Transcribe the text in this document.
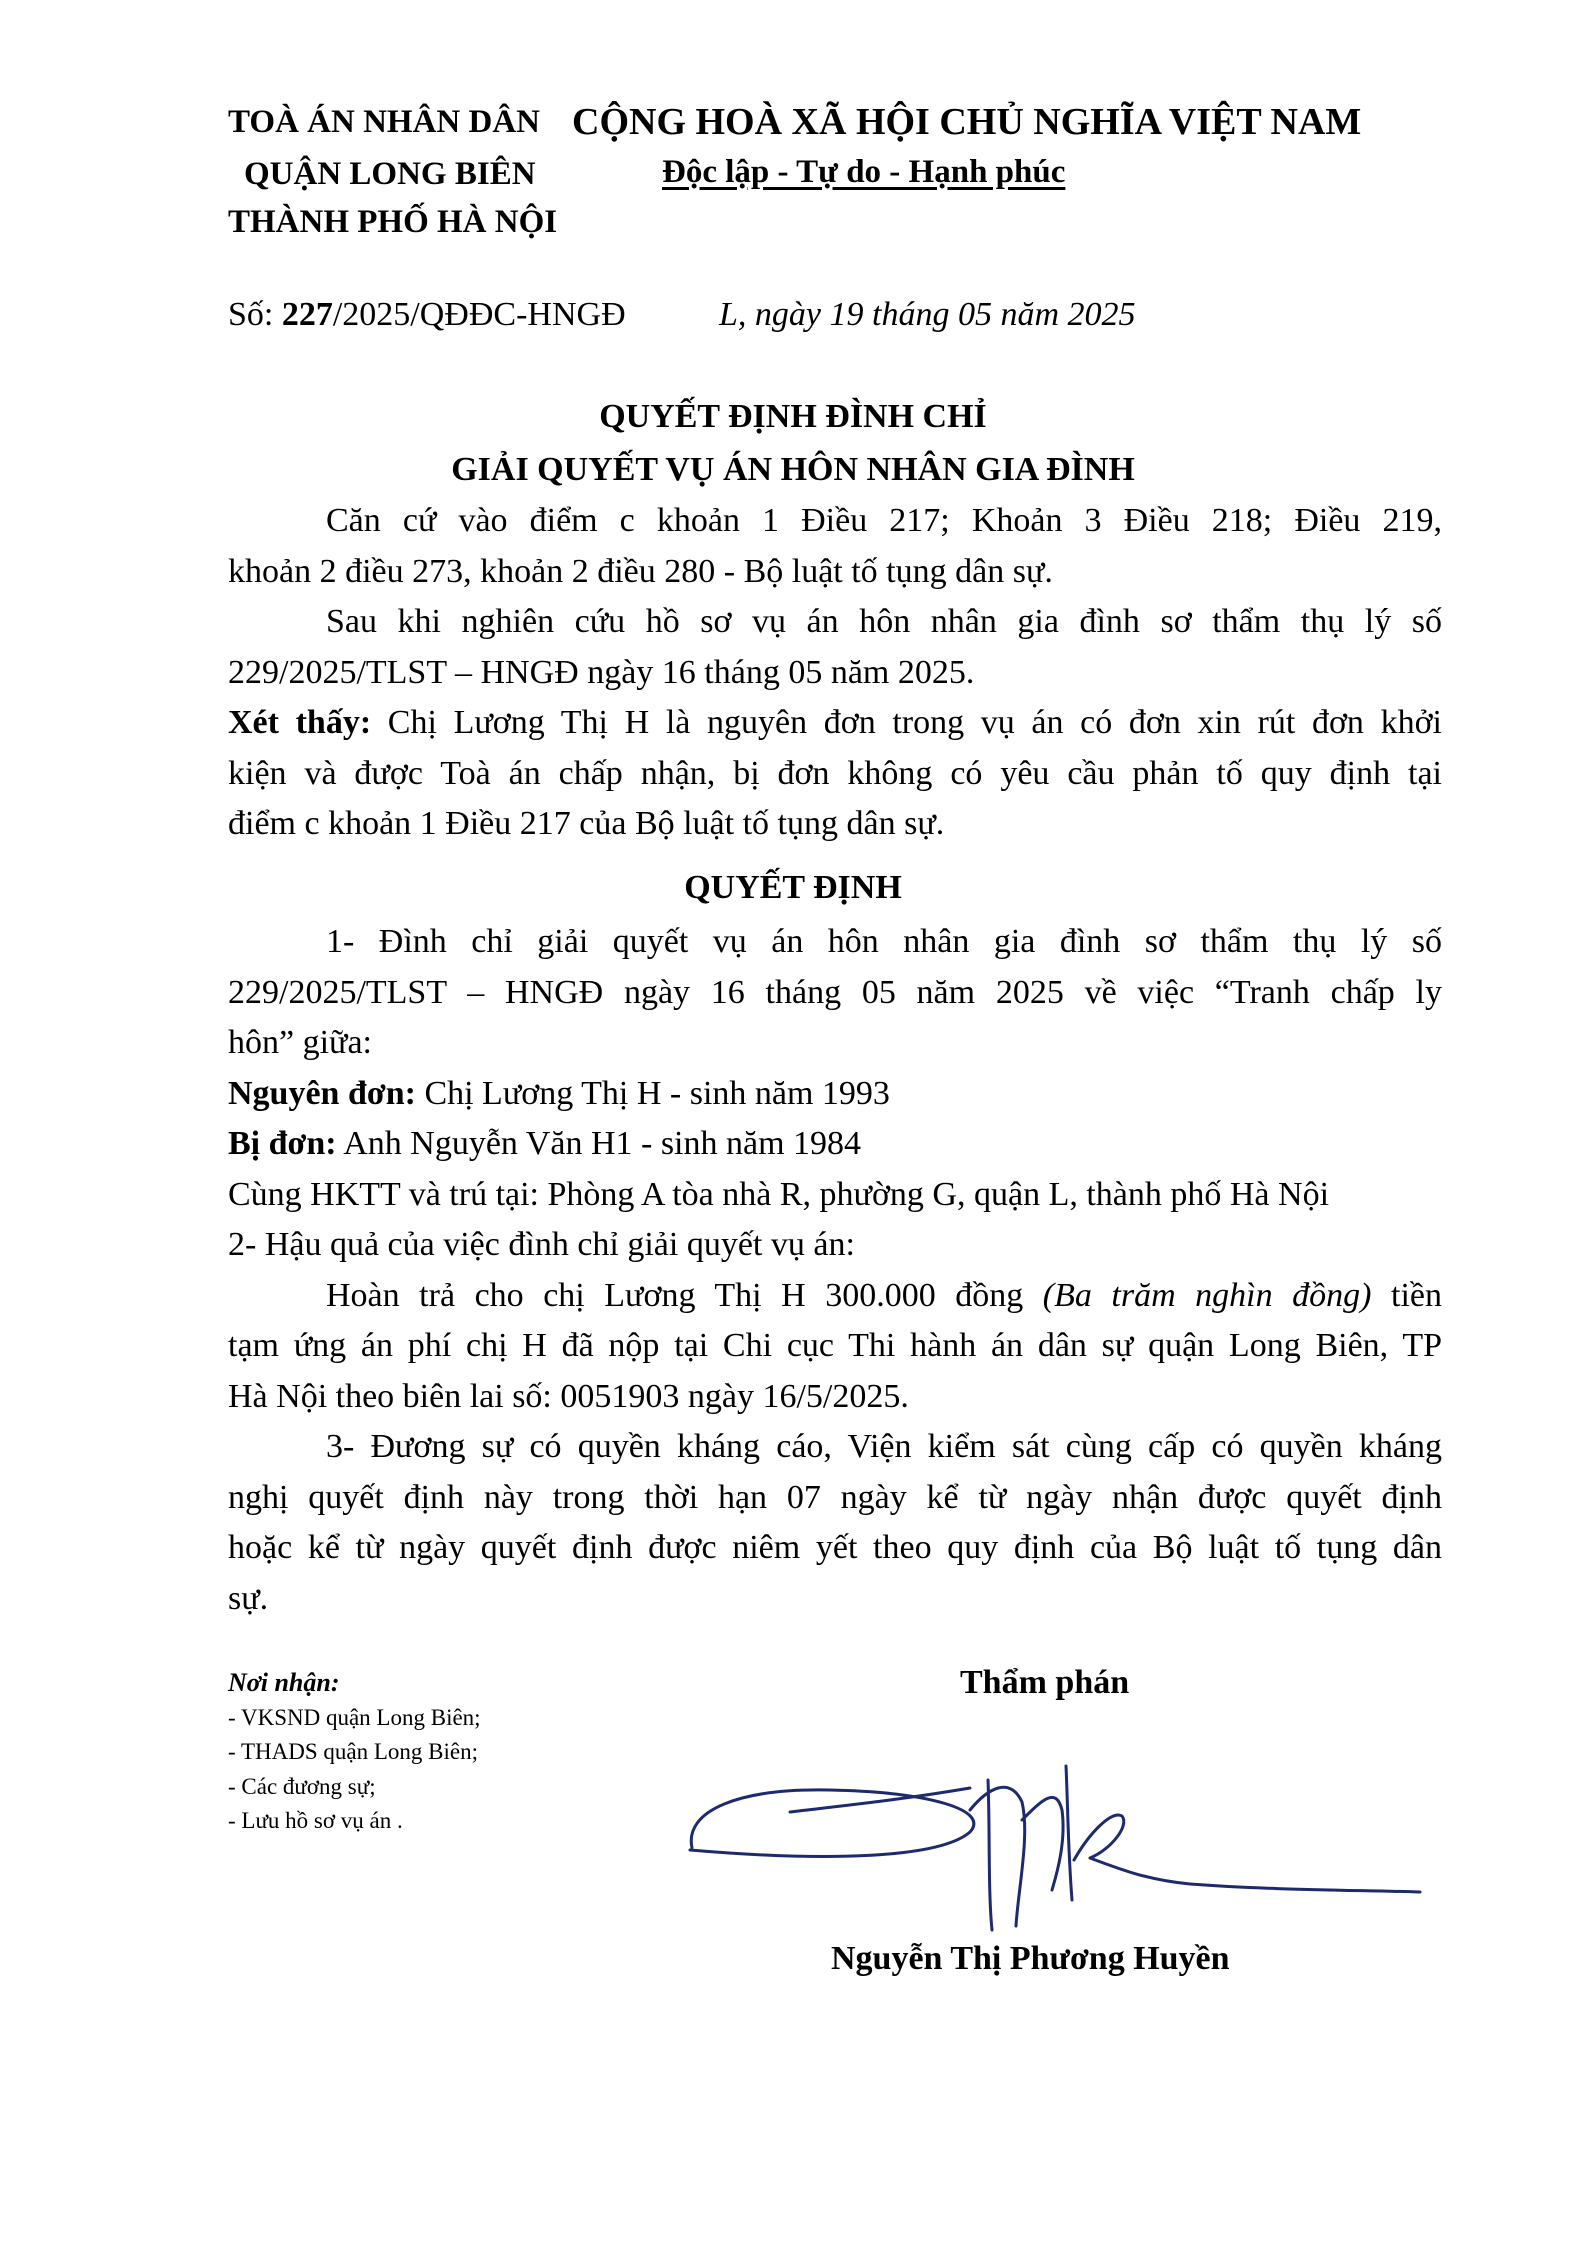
TOÀ ÁN NHÂN DÂN
QUẬN LONG BIÊN
THÀNH PHỐ HÀ NỘI
CỘNG HOÀ XÃ HỘI CHỦ NGHĨA VIỆT NAM
Độc lập - Tự do - Hạnh phúc
Số: 227/2025/QĐĐC-HNGĐ	L, ngày 19 tháng 05 năm 2025
QUYẾT ĐỊNH ĐÌNH CHỈ
GIẢI QUYẾT VỤ ÁN HÔN NHÂN GIA ĐÌNH
Căn cứ vào điểm c khoản 1 Điều 217; Khoản 3 Điều 218; Điều 219,
khoản 2 điều 273, khoản 2 điều 280 - Bộ luật tố tụng dân sự.
Sau khi nghiên cứu hồ sơ vụ án hôn nhân gia đình sơ thẩm thụ lý số
229/2025/TLST – HNGĐ ngày 16 tháng 05 năm 2025.
Xét thấy: Chị Lương Thị H là nguyên đơn trong vụ án có đơn xin rút đơn khởi
kiện và được Toà án chấp nhận, bị đơn không có yêu cầu phản tố quy định tại
điểm c khoản 1 Điều 217 của Bộ luật tố tụng dân sự.
QUYẾT ĐỊNH
1- Đình chỉ giải quyết vụ án hôn nhân gia đình sơ thẩm thụ lý số
229/2025/TLST – HNGĐ ngày 16 tháng 05 năm 2025 về việc “Tranh chấp ly
hôn” giữa:
Nguyên đơn: Chị Lương Thị H - sinh năm 1993
Bị đơn: Anh Nguyễn Văn H1 - sinh năm 1984
Cùng HKTT và trú tại: Phòng A tòa nhà R, phường G, quận L, thành phố Hà Nội
2- Hậu quả của việc đình chỉ giải quyết vụ án:
Hoàn trả cho chị Lương Thị H 300.000 đồng (Ba trăm nghìn đồng) tiền
tạm ứng án phí chị H đã nộp tại Chi cục Thi hành án dân sự quận Long Biên, TP
Hà Nội theo biên lai số: 0051903 ngày 16/5/2025.
3- Đương sự có quyền kháng cáo, Viện kiểm sát cùng cấp có quyền kháng
nghị quyết định này trong thời hạn 07 ngày kể từ ngày nhận được quyết định
hoặc kể từ ngày quyết định được niêm yết theo quy định của Bộ luật tố tụng dân
sự.
Nơi nhận:
- VKSND quận Long Biên;
- THADS quận Long Biên;
- Các đương sự;
- Lưu hồ sơ vụ án .
Thẩm phán
Nguyễn Thị Phương Huyền
